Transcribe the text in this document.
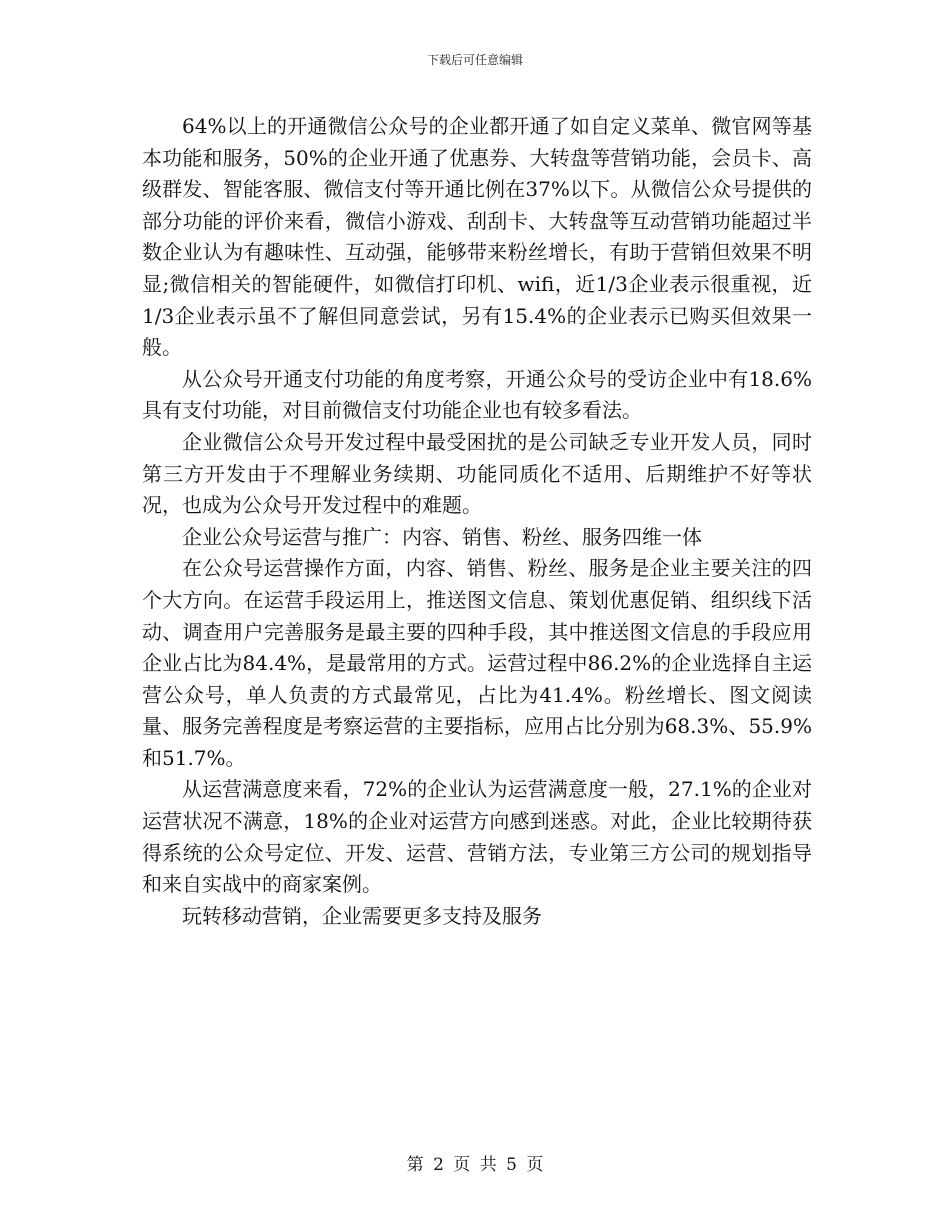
下载后可任意编辑

64%以上的开通微信公众号的企业都开通了如自定义菜单、微官网等基本功能和服务，50%的企业开通了优惠券、大转盘等营销功能，会员卡、高级群发、智能客服、微信支付等开通比例在37%以下。从微信公众号提供的部分功能的评价来看，微信小游戏、刮刮卡、大转盘等互动营销功能超过半数企业认为有趣味性、互动强，能够带来粉丝增长，有助于营销但效果不明显;微信相关的智能硬件，如微信打印机、wifi，近1/3企业表示很重视，近1/3企业表示虽不了解但同意尝试，另有15.4%的企业表示已购买但效果一般。

从公众号开通支付功能的角度考察，开通公众号的受访企业中有18.6%具有支付功能，对目前微信支付功能企业也有较多看法。

企业微信公众号开发过程中最受困扰的是公司缺乏专业开发人员，同时第三方开发由于不理解业务续期、功能同质化不适用、后期维护不好等状况，也成为公众号开发过程中的难题。

企业公众号运营与推广：内容、销售、粉丝、服务四维一体

在公众号运营操作方面，内容、销售、粉丝、服务是企业主要关注的四个大方向。在运营手段运用上，推送图文信息、策划优惠促销、组织线下活动、调查用户完善服务是最主要的四种手段，其中推送图文信息的手段应用企业占比为84.4%，是最常用的方式。运营过程中86.2%的企业选择自主运营公众号，单人负责的方式最常见，占比为41.4%。粉丝增长、图文阅读量、服务完善程度是考察运营的主要指标，应用占比分别为68.3%、55.9%和51.7%。

从运营满意度来看，72%的企业认为运营满意度一般，27.1%的企业对运营状况不满意，18%的企业对运营方向感到迷惑。对此，企业比较期待获得系统的公众号定位、开发、运营、营销方法，专业第三方公司的规划指导和来自实战中的商家案例。

玩转移动营销，企业需要更多支持及服务

第 2 页 共 5 页
